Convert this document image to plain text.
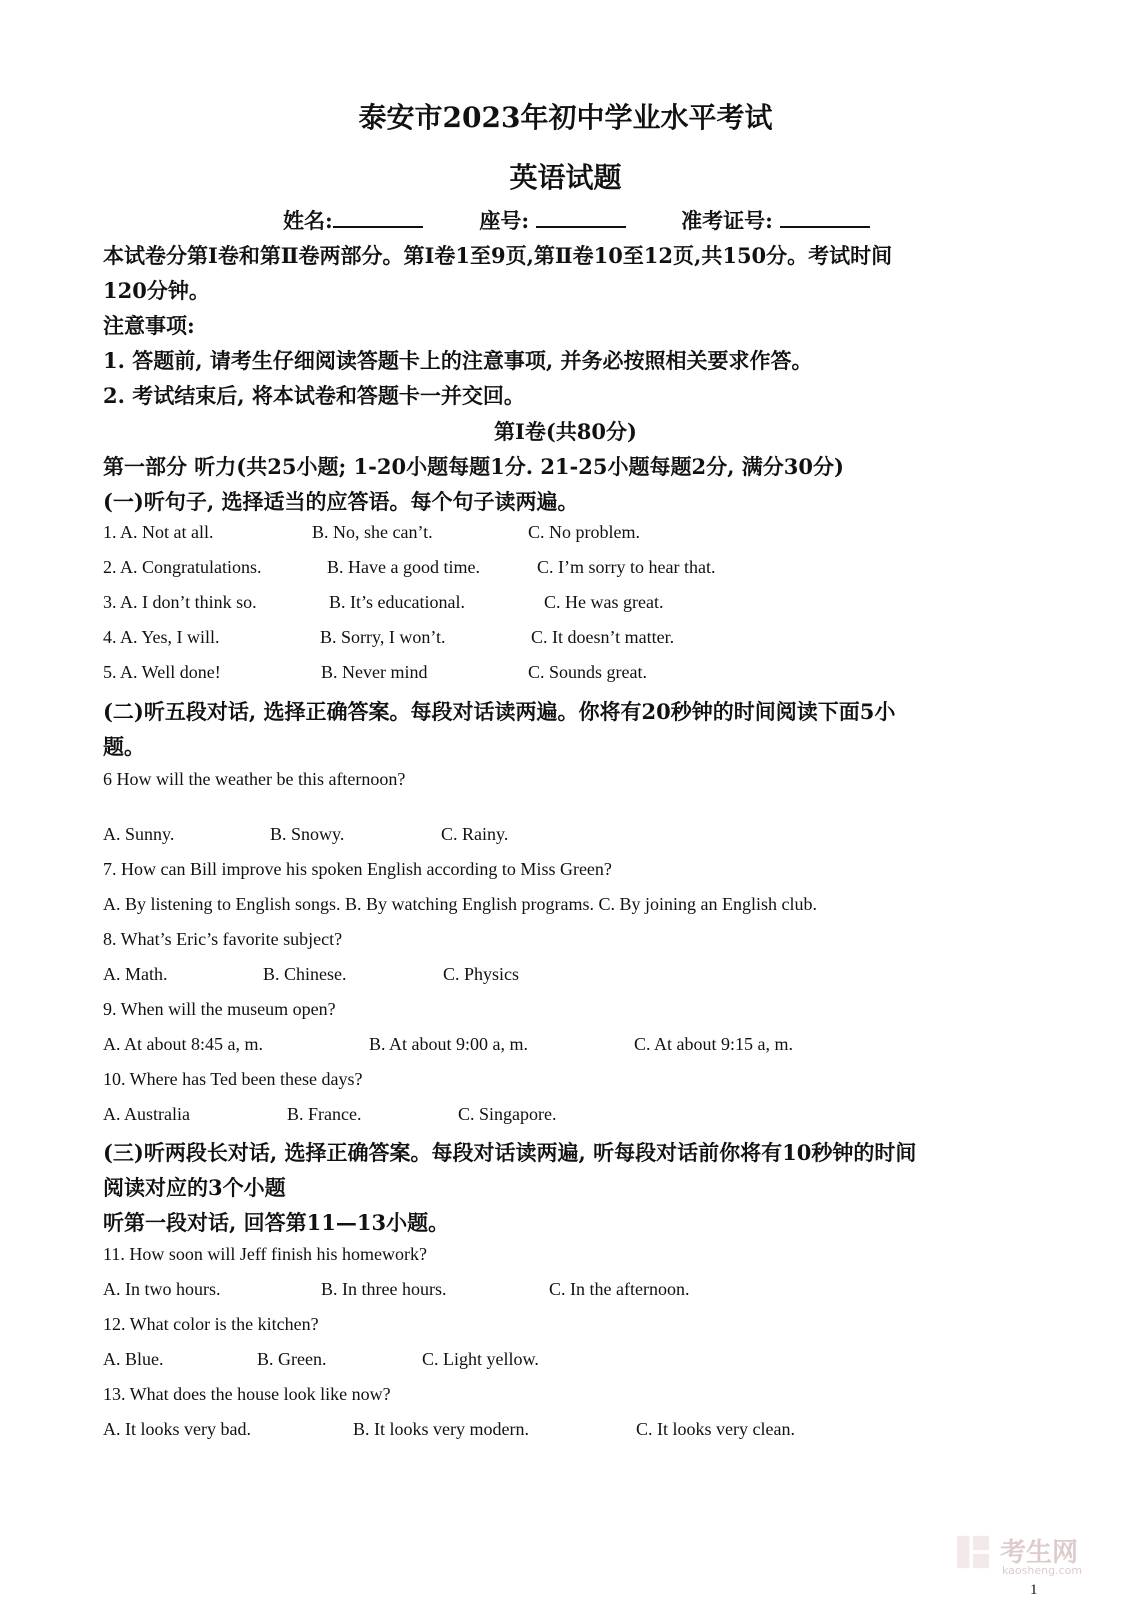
泰安市2023年初中学业水平考试
英语试题
姓名:	座号:	准考证号:
本试卷分第Ⅰ卷和第Ⅱ卷两部分。第Ⅰ卷1至9页,第Ⅱ卷10至12页,共150分。考试时间
120分钟。
注意事项:
1. 答题前, 请考生仔细阅读答题卡上的注意事项, 并务必按照相关要求作答。
2. 考试结束后, 将本试卷和答题卡一并交回。
第Ⅰ卷(共80分)
第一部分 听力(共25小题; 1-20小题每题1分. 21-25小题每题2分, 满分30分)
(一)听句子, 选择适当的应答语。每个句子读两遍。
1. A. Not at all.	B. No, she can’t.	C. No problem.
2. A. Congratulations.	B. Have a good time.	C. I’m sorry to hear that.
3. A. I don’t think so.	B. It’s educational.	C. He was great.
4. A. Yes, I will.	B. Sorry, I won’t.	C. It doesn’t matter.
5. A. Well done!	B. Never mind	C. Sounds great.
(二)听五段对话, 选择正确答案。每段对话读两遍。你将有20秒钟的时间阅读下面5小
题。
6 How will the weather be this afternoon?
A. Sunny.	B. Snowy.	C. Rainy.
7. How can Bill improve his spoken English according to Miss Green?
A. By listening to English songs. B. By watching English programs. C. By joining an English club.
8. What’s Eric’s favorite subject?
A. Math.	B. Chinese.	C. Physics
9. When will the museum open?
A. At about 8:45 a, m.	B. At about 9:00 a, m.	C. At about 9:15 a, m.
10. Where has Ted been these days?
A. Australia	B. France.	C. Singapore.
(三)听两段长对话, 选择正确答案。每段对话读两遍, 听每段对话前你将有10秒钟的时间
阅读对应的3个小题
听第一段对话, 回答第11—13小题。
11. How soon will Jeff finish his homework?
A. In two hours.	B. In three hours.	C. In the afternoon.
12. What color is the kitchen?
A. Blue.	B. Green.	C. Light yellow.
13. What does the house look like now?
A. It looks very bad.	B. It looks very modern.	C. It looks very clean.
考生网
kaosheng.com
1
